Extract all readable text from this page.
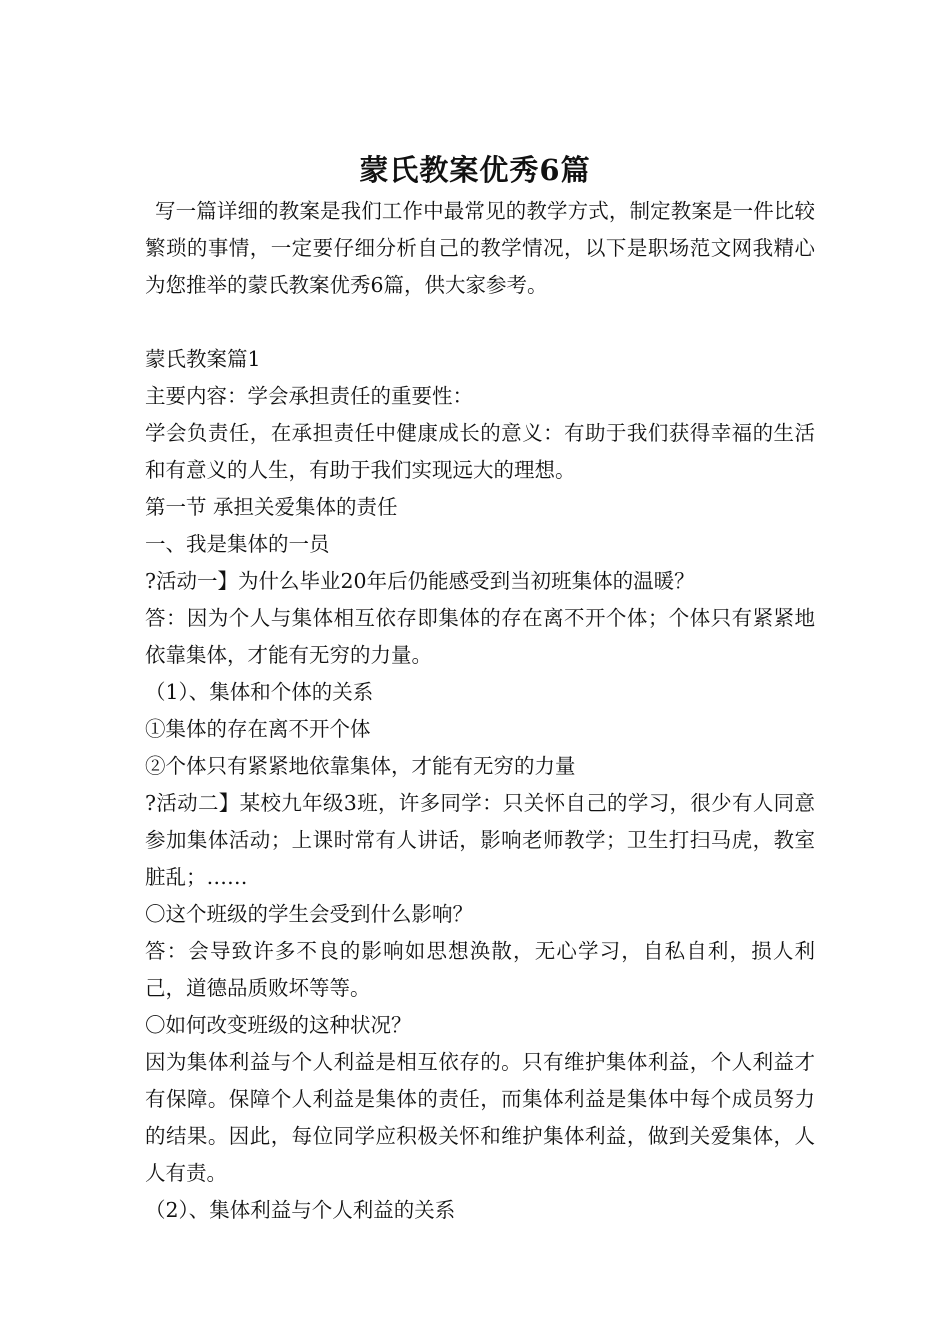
蒙氏教案优秀6篇

写一篇详细的教案是我们工作中最常见的教学方式，制定教案是一件比较繁琐的事情，一定要仔细分析自己的教学情况，以下是职场范文网我精心为您推举的蒙氏教案优秀6篇，供大家参考。

蒙氏教案篇1

主要内容：学会承担责任的重要性：

学会负责任，在承担责任中健康成长的意义：有助于我们获得幸福的生活和有意义的人生，有助于我们实现远大的理想。

第一节 承担关爱集体的责任

一、我是集体的一员

?活动一】为什么毕业20年后仍能感受到当初班集体的温暖？

答：因为个人与集体相互依存即集体的存在离不开个体；个体只有紧紧地依靠集体，才能有无穷的力量。

（1）、集体和个体的关系

①集体的存在离不开个体

②个体只有紧紧地依靠集体，才能有无穷的力量

?活动二】某校九年级3班，许多同学：只关怀自己的学习，很少有人同意参加集体活动；上课时常有人讲话，影响老师教学；卫生打扫马虎，教室脏乱；……

〇这个班级的学生会受到什么影响？

答：会导致许多不良的影响如思想涣散，无心学习，自私自利，损人利己，道德品质败坏等等。

〇如何改变班级的这种状况？

因为集体利益与个人利益是相互依存的。只有维护集体利益，个人利益才有保障。保障个人利益是集体的责任，而集体利益是集体中每个成员努力的结果。因此，每位同学应积极关怀和维护集体利益，做到关爱集体，人人有责。

（2）、集体利益与个人利益的关系
